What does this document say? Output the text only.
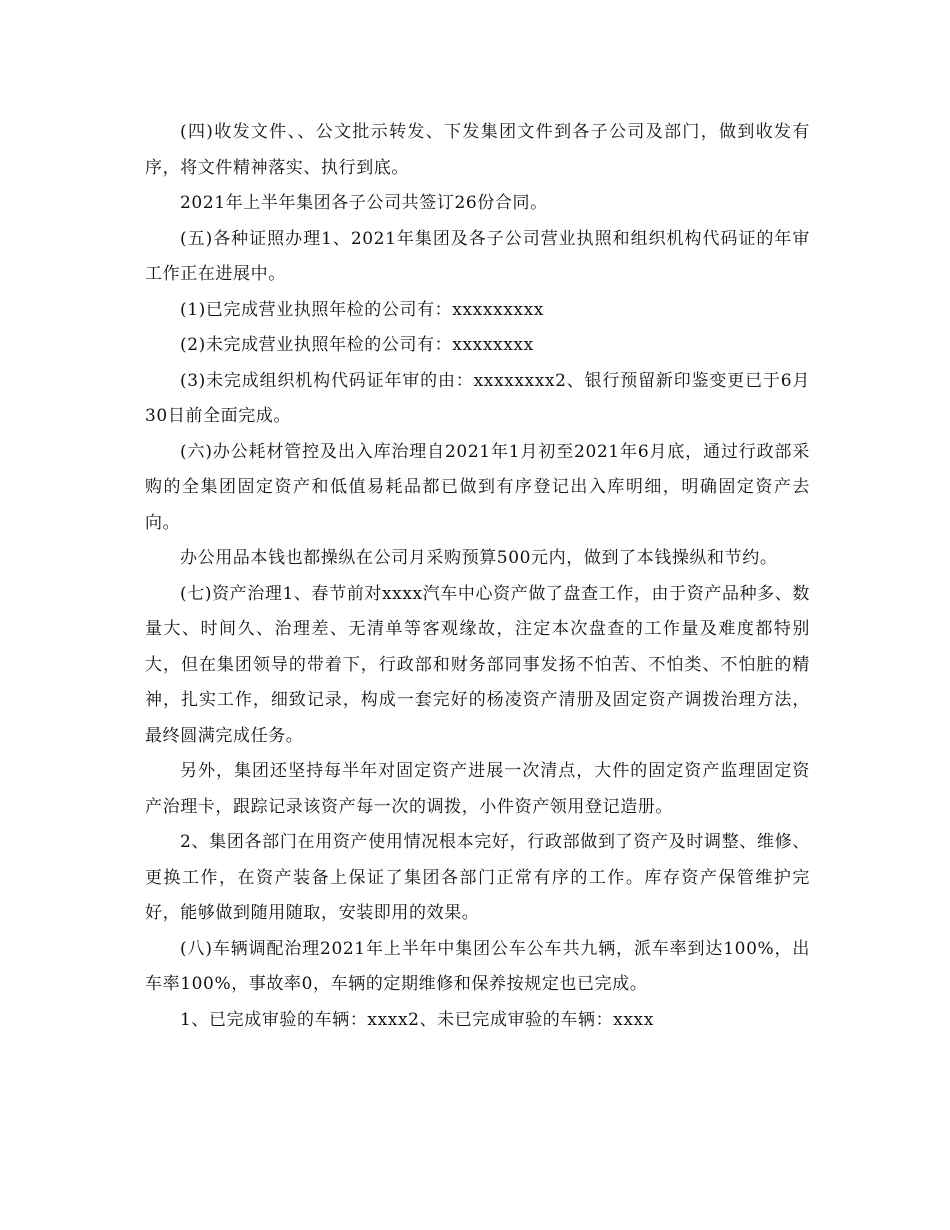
(四)收发文件、、公文批示转发、下发集团文件到各子公司及部门，做到收发有序，将文件精神落实、执行到底。

2021年上半年集团各子公司共签订26份合同。

(五)各种证照办理1、2021年集团及各子公司营业执照和组织机构代码证的年审工作正在进展中。

(1)已完成营业执照年检的公司有：xxxxxxxxx

(2)未完成营业执照年检的公司有：xxxxxxxx

(3)未完成组织机构代码证年审的由：xxxxxxxx2、银行预留新印鉴变更已于6月30日前全面完成。

(六)办公耗材管控及出入库治理自2021年1月初至2021年6月底，通过行政部采购的全集团固定资产和低值易耗品都已做到有序登记出入库明细，明确固定资产去向。

办公用品本钱也都操纵在公司月采购预算500元内，做到了本钱操纵和节约。

(七)资产治理1、春节前对xxxx汽车中心资产做了盘查工作，由于资产品种多、数量大、时间久、治理差、无清单等客观缘故，注定本次盘查的工作量及难度都特别大，但在集团领导的带着下，行政部和财务部同事发扬不怕苦、不怕类、不怕脏的精神，扎实工作，细致记录，构成一套完好的杨凌资产清册及固定资产调拨治理方法，最终圆满完成任务。

另外，集团还坚持每半年对固定资产进展一次清点，大件的固定资产监理固定资产治理卡，跟踪记录该资产每一次的调拨，小件资产领用登记造册。

2、集团各部门在用资产使用情况根本完好，行政部做到了资产及时调整、维修、更换工作，在资产装备上保证了集团各部门正常有序的工作。库存资产保管维护完好，能够做到随用随取，安装即用的效果。

(八)车辆调配治理2021年上半年中集团公车公车共九辆，派车率到达100%，出车率100%，事故率0，车辆的定期维修和保养按规定也已完成。

1、已完成审验的车辆：xxxx2、未已完成审验的车辆：xxxx
